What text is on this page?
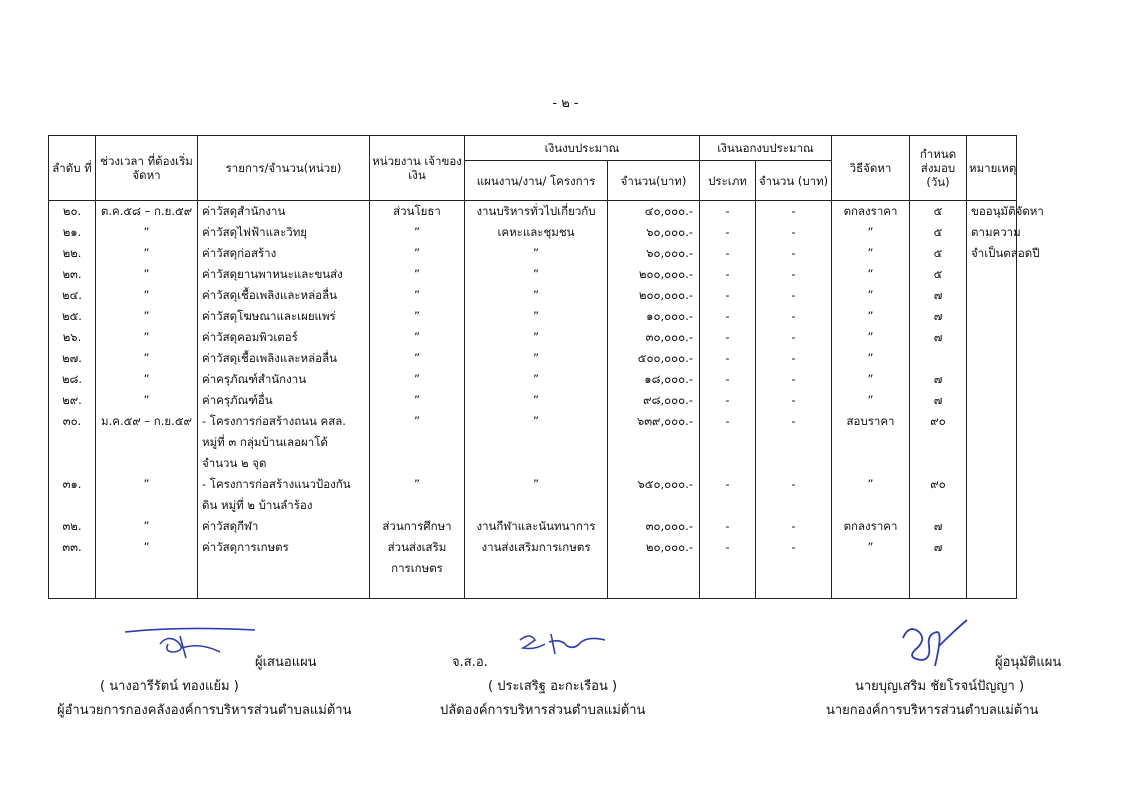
- ๒ -
ลำดับ ที่	ช่วงเวลา ที่ต้องเริ่มจัดหา	รายการ/จำนวน(หน่วย)	หน่วยงาน เจ้าของเงิน	เงินงบประมาณ		เงินนอกงบประมาณ		วิธีจัดหา	กำหนด ส่งมอบ (วัน)	หมายเหตุ
				แผนงาน/งาน/ โครงการ	จำนวน(บาท)	ประเภท	จำนวน (บาท)			
๒๐.	ต.ค.๕๘ – ก.ย.๕๙	ค่าวัสดุสำนักงาน	ส่วนโยธา	งานบริหารทั่วไปเกี่ยวกับ	๔๐,๐๐๐.-	-	-	ตกลงราคา	๕	ขออนุมัติจัดหา
๒๑.	”	ค่าวัสดุไฟฟ้าและวิทยุ	”	เคหะและชุมชน	๖๐,๐๐๐.-	-	-	”	๕	ตามความ
๒๒.	”	ค่าวัสดุก่อสร้าง	”	”	๖๐,๐๐๐.-	-	-	”	๕	จำเป็นตลอดปี
๒๓.	”	ค่าวัสดุยานพาหนะและขนส่ง	”	”	๒๐๐,๐๐๐.-	-	-	”	๕	
๒๔.	”	ค่าวัสดุเชื้อเพลิงและหล่อลื่น	”	”	๒๐๐,๐๐๐.-	-	-	”	๗	
๒๕.	”	ค่าวัสดุโฆษณาและเผยแพร่	”	”	๑๐,๐๐๐.-	-	-	”	๗	
๒๖.	”	ค่าวัสดุคอมพิวเตอร์	”	”	๓๐,๐๐๐.-	-	-	”	๗	
๒๗.	”	ค่าวัสดุเชื้อเพลิงและหล่อลื่น	”	”	๕๐๐,๐๐๐.-	-	-	”		
๒๘.	”	ค่าครุภัณฑ์สำนักงาน	”	”	๑๘,๐๐๐.-	-	-	”	๗	
๒๙.	”	ค่าครุภัณฑ์อื่น	”	”	๙๘,๐๐๐.-	-	-	”	๗	
๓๐.	ม.ค.๕๙ – ก.ย.๕๙	- โครงการก่อสร้างถนน คสล.	”	”	๖๓๙,๐๐๐.-	-	-	สอบราคา	๙๐	
		หมู่ที่ ๓ กลุ่มบ้านเลอผาโด้								
		จำนวน ๒ จุด								
๓๑.	”	- โครงการก่อสร้างแนวป้องกัน	”	”	๖๕๐,๐๐๐.-	-	-	”	๙๐	
		ดิน หมู่ที่ ๒ บ้านลำร้อง								
๓๒.	”	ค่าวัสดุกีฬา	ส่วนการศึกษา	งานกีฬาและนันทนาการ	๓๐,๐๐๐.-	-	-	ตกลงราคา	๗	
๓๓.	”	ค่าวัสดุการเกษตร	ส่วนส่งเสริม	งานส่งเสริมการเกษตร	๒๐,๐๐๐.-	-	-	”	๗	
			การเกษตร							

ผู้เสนอแผน
( นางอารีรัตน์ ทองแย้ม )
ผู้อำนวยการกองคลังองค์การบริหารส่วนตำบลแม่ต้าน
จ.ส.อ.
( ประเสริฐ อะกะเรือน )
ปลัดองค์การบริหารส่วนตำบลแม่ต้าน
ผู้อนุมัติแผน
นายบุญเสริม ชัยโรจน์ปัญญา )
นายกองค์การบริหารส่วนตำบลแม่ต้าน
